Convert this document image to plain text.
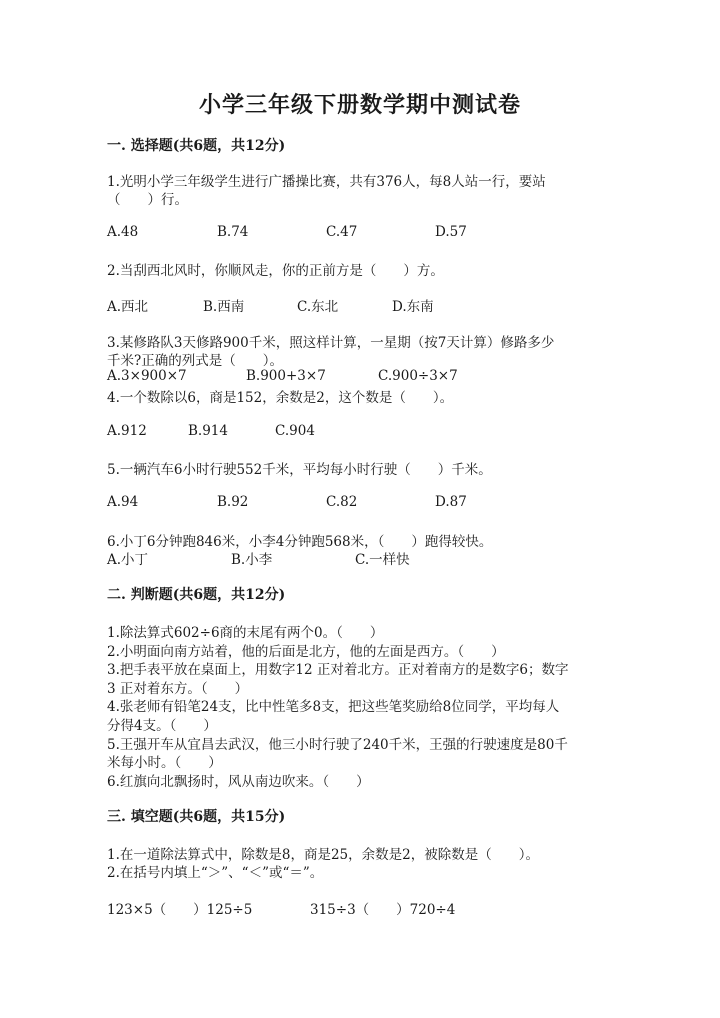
小学三年级下册数学期中测试卷
一. 选择题(共6题，共12分)
1.光明小学三年级学生进行广播操比赛，共有376人，每8人站一行，要站
（　　）行。
A.48	B.74	C.47	D.57
2.当刮西北风时，你顺风走，你的正前方是（　　）方。
A.西北	B.西南	C.东北	D.东南
3.某修路队3天修路900千米，照这样计算，一星期（按7天计算）修路多少
千米?正确的列式是（　　）。
A.3×900×7	B.900+3×7	C.900÷3×7
4.一个数除以6，商是152，余数是2，这个数是（　　）。
A.912	B.914	C.904
5.一辆汽车6小时行驶552千米，平均每小时行驶（　　）千米。
A.94	B.92	C.82	D.87
6.小丁6分钟跑846米，小李4分钟跑568米，（　　）跑得较快。
A.小丁	B.小李	C.一样快
二. 判断题(共6题，共12分)
1.除法算式602÷6商的末尾有两个0。（　　）
2.小明面向南方站着，他的后面是北方，他的左面是西方。（　　）
3.把手表平放在桌面上，用数字12 正对着北方。正对着南方的是数字6；数字
3 正对着东方。（　　）
4.张老师有铅笔24支，比中性笔多8支，把这些笔奖励给8位同学，平均每人
分得4支。（　　）
5.王强开车从宜昌去武汉，他三小时行驶了240千米，王强的行驶速度是80千
米每小时。（　　）
6.红旗向北飘扬时，风从南边吹来。（　　）
三. 填空题(共6题，共15分)
1.在一道除法算式中，除数是8，商是25，余数是2，被除数是（　　）。
2.在括号内填上“＞”、“＜”或“＝”。
123×5（　　）125÷5	315÷3（　　）720÷4
